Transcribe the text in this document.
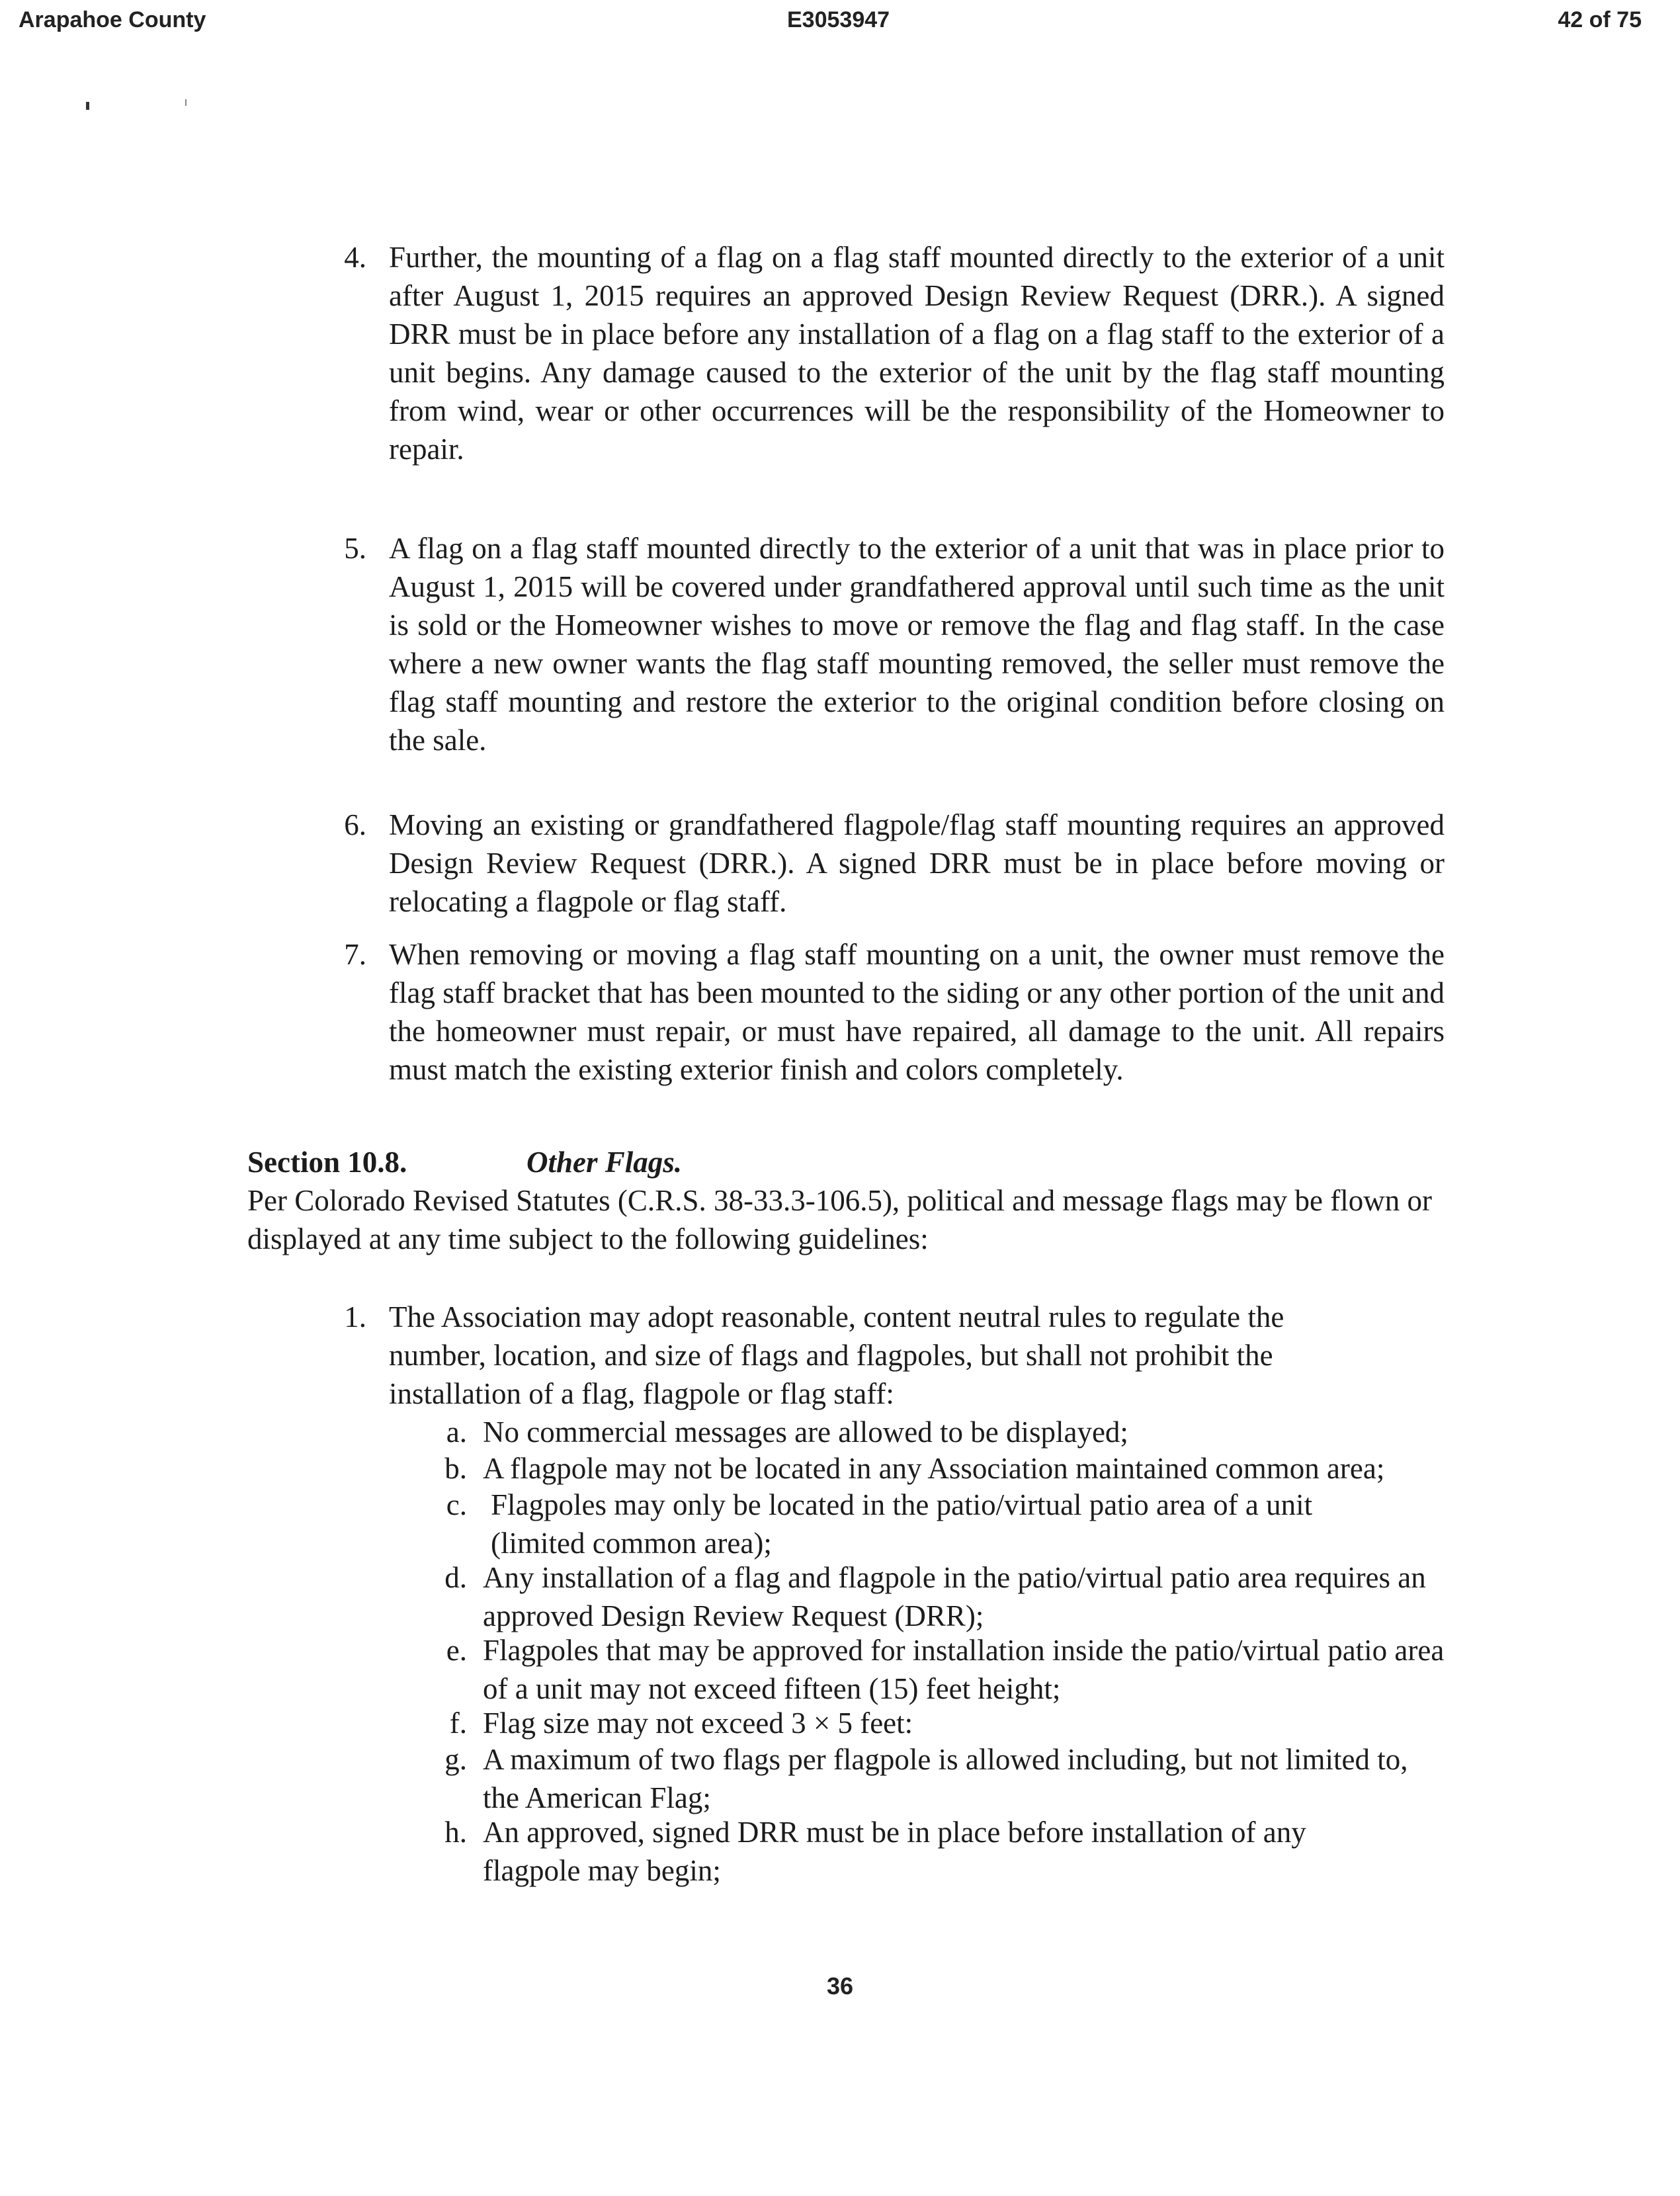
Arapahoe County	E3053947	42 of 75
4. Further, the mounting of a flag on a flag staff mounted directly to the exterior of a unit after August 1, 2015 requires an approved Design Review Request (DRR.). A signed DRR must be in place before any installation of a flag on a flag staff to the exterior of a unit begins. Any damage caused to the exterior of the unit by the flag staff mounting from wind, wear or other occurrences will be the responsibility of the Homeowner to repair.
5. A flag on a flag staff mounted directly to the exterior of a unit that was in place prior to August 1, 2015 will be covered under grandfathered approval until such time as the unit is sold or the Homeowner wishes to move or remove the flag and flag staff. In the case where a new owner wants the flag staff mounting removed, the seller must remove the flag staff mounting and restore the exterior to the original condition before closing on the sale.
6. Moving an existing or grandfathered flagpole/flag staff mounting requires an approved Design Review Request (DRR.). A signed DRR must be in place before moving or relocating a flagpole or flag staff.
7. When removing or moving a flag staff mounting on a unit, the owner must remove the flag staff bracket that has been mounted to the siding or any other portion of the unit and the homeowner must repair, or must have repaired, all damage to the unit. All repairs must match the existing exterior finish and colors completely.
Section 10.8.	Other Flags.
Per Colorado Revised Statutes (C.R.S. 38-33.3-106.5), political and message flags may be flown or displayed at any time subject to the following guidelines:
1. The Association may adopt reasonable, content neutral rules to regulate the number, location, and size of flags and flagpoles, but shall not prohibit the installation of a flag, flagpole or flag staff:
a. No commercial messages are allowed to be displayed;
b. A flagpole may not be located in any Association maintained common area;
c. Flagpoles may only be located in the patio/virtual patio area of a unit (limited common area);
d. Any installation of a flag and flagpole in the patio/virtual patio area requires an approved Design Review Request (DRR);
e. Flagpoles that may be approved for installation inside the patio/virtual patio area of a unit may not exceed fifteen (15) feet height;
f. Flag size may not exceed 3 × 5 feet:
g. A maximum of two flags per flagpole is allowed including, but not limited to, the American Flag;
h. An approved, signed DRR must be in place before installation of any flagpole may begin;
36
